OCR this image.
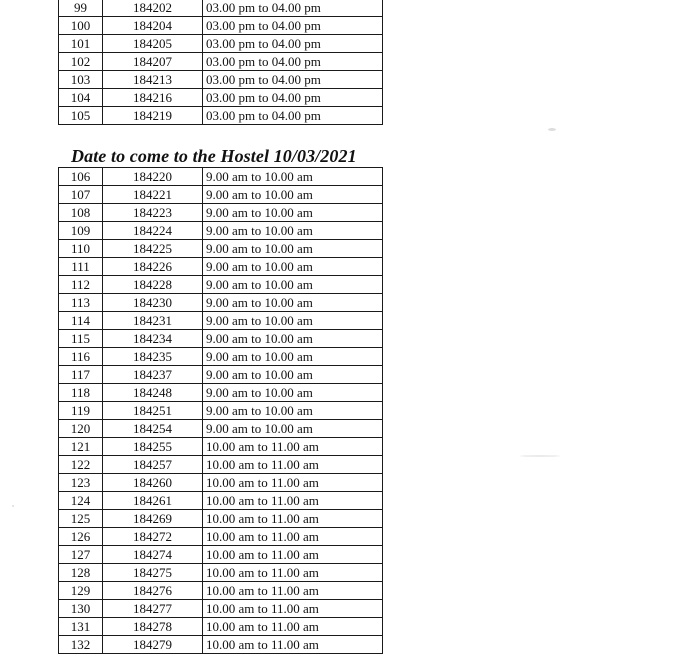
99	184202	03.00 pm to 04.00 pm
100	184204	03.00 pm to 04.00 pm
101	184205	03.00 pm to 04.00 pm
102	184207	03.00 pm to 04.00 pm
103	184213	03.00 pm to 04.00 pm
104	184216	03.00 pm to 04.00 pm
105	184219	03.00 pm to 04.00 pm
Date to come to the Hostel 10/03/2021
106	184220	9.00 am to 10.00 am
107	184221	9.00 am to 10.00 am
108	184223	9.00 am to 10.00 am
109	184224	9.00 am to 10.00 am
110	184225	9.00 am to 10.00 am
111	184226	9.00 am to 10.00 am
112	184228	9.00 am to 10.00 am
113	184230	9.00 am to 10.00 am
114	184231	9.00 am to 10.00 am
115	184234	9.00 am to 10.00 am
116	184235	9.00 am to 10.00 am
117	184237	9.00 am to 10.00 am
118	184248	9.00 am to 10.00 am
119	184251	9.00 am to 10.00 am
120	184254	9.00 am to 10.00 am
121	184255	10.00 am to 11.00 am
122	184257	10.00 am to 11.00 am
123	184260	10.00 am to 11.00 am
124	184261	10.00 am to 11.00 am
125	184269	10.00 am to 11.00 am
126	184272	10.00 am to 11.00 am
127	184274	10.00 am to 11.00 am
128	184275	10.00 am to 11.00 am
129	184276	10.00 am to 11.00 am
130	184277	10.00 am to 11.00 am
131	184278	10.00 am to 11.00 am
132	184279	10.00 am to 11.00 am
